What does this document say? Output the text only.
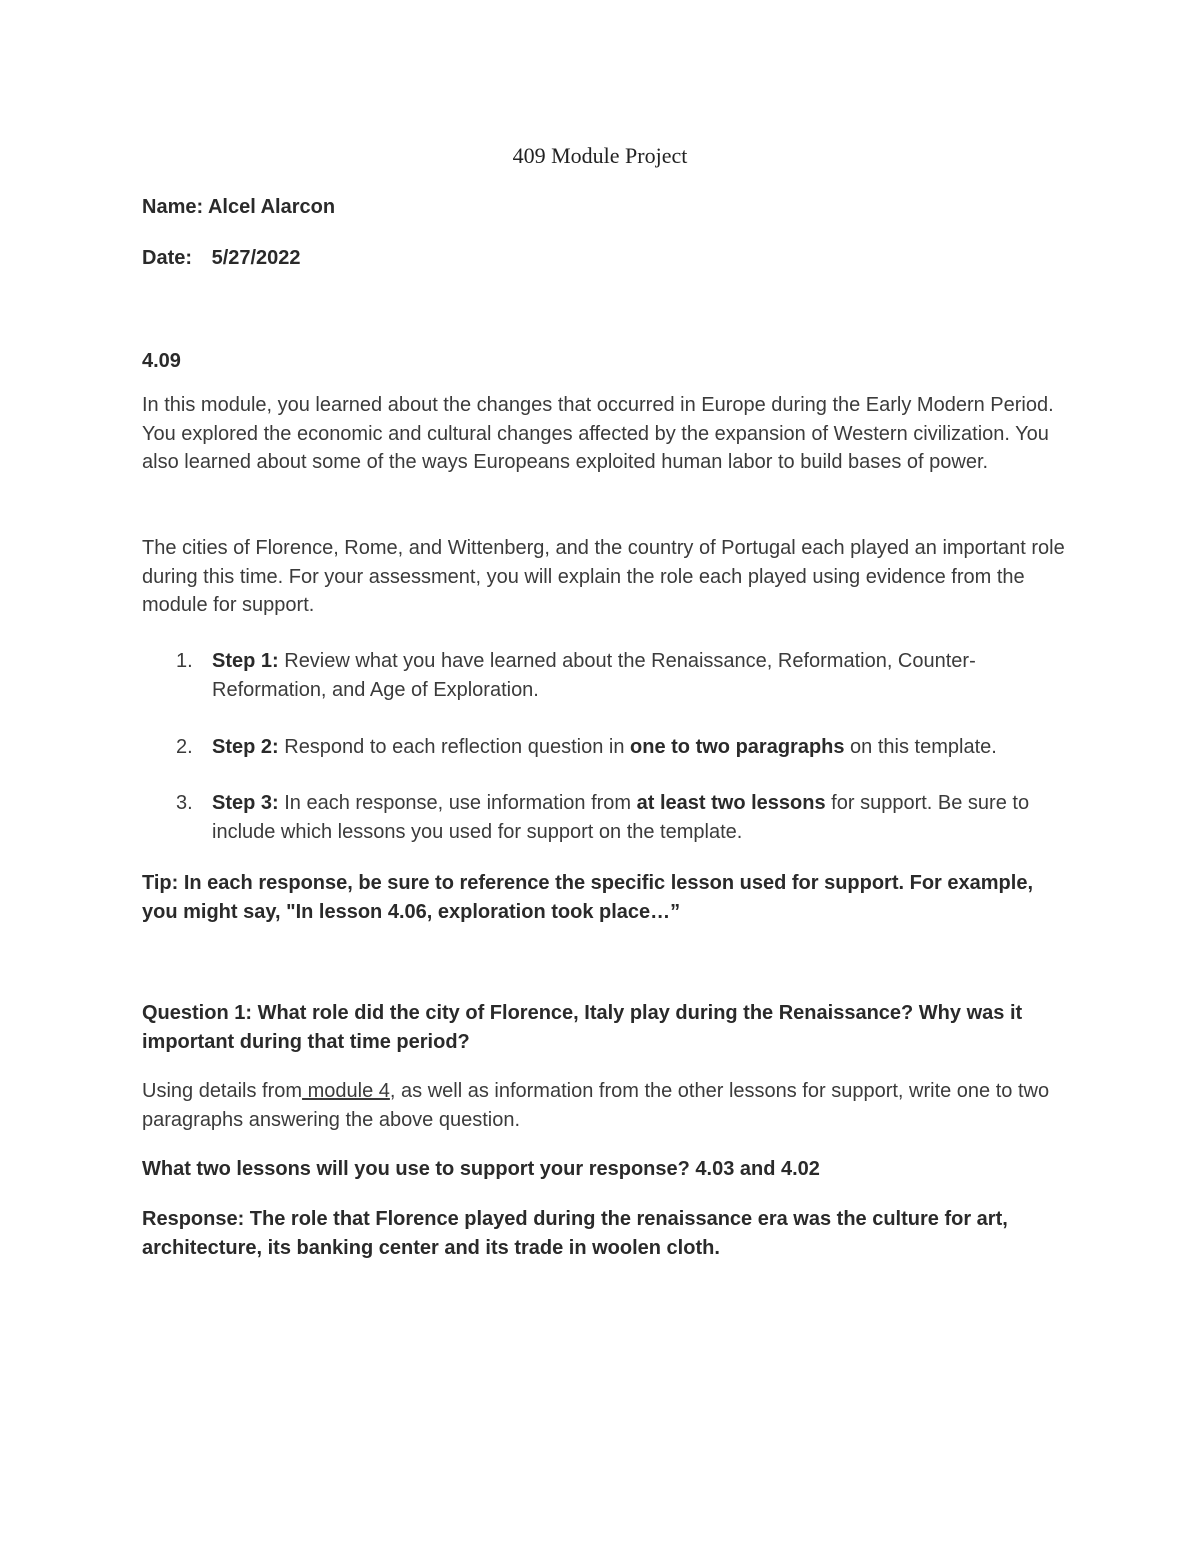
409 Module Project
Name: Alcel Alarcon
Date: 5/27/2022
4.09
In this module, you learned about the changes that occurred in Europe during the Early Modern Period. You explored the economic and cultural changes affected by the expansion of Western civilization. You also learned about some of the ways Europeans exploited human labor to build bases of power.
The cities of Florence, Rome, and Wittenberg, and the country of Portugal each played an important role during this time. For your assessment, you will explain the role each played using evidence from the module for support.
1. Step 1: Review what you have learned about the Renaissance, Reformation, Counter-Reformation, and Age of Exploration.
2. Step 2: Respond to each reflection question in one to two paragraphs on this template.
3. Step 3: In each response, use information from at least two lessons for support. Be sure to include which lessons you used for support on the template.
Tip: In each response, be sure to reference the specific lesson used for support. For example, you might say, "In lesson 4.06, exploration took place…”
Question 1: What role did the city of Florence, Italy play during the Renaissance? Why was it important during that time period?
Using details from module 4, as well as information from the other lessons for support, write one to two paragraphs answering the above question.
What two lessons will you use to support your response? 4.03 and 4.02
Response: The role that Florence played during the renaissance era was the culture for art, architecture, its banking center and its trade in woolen cloth.
